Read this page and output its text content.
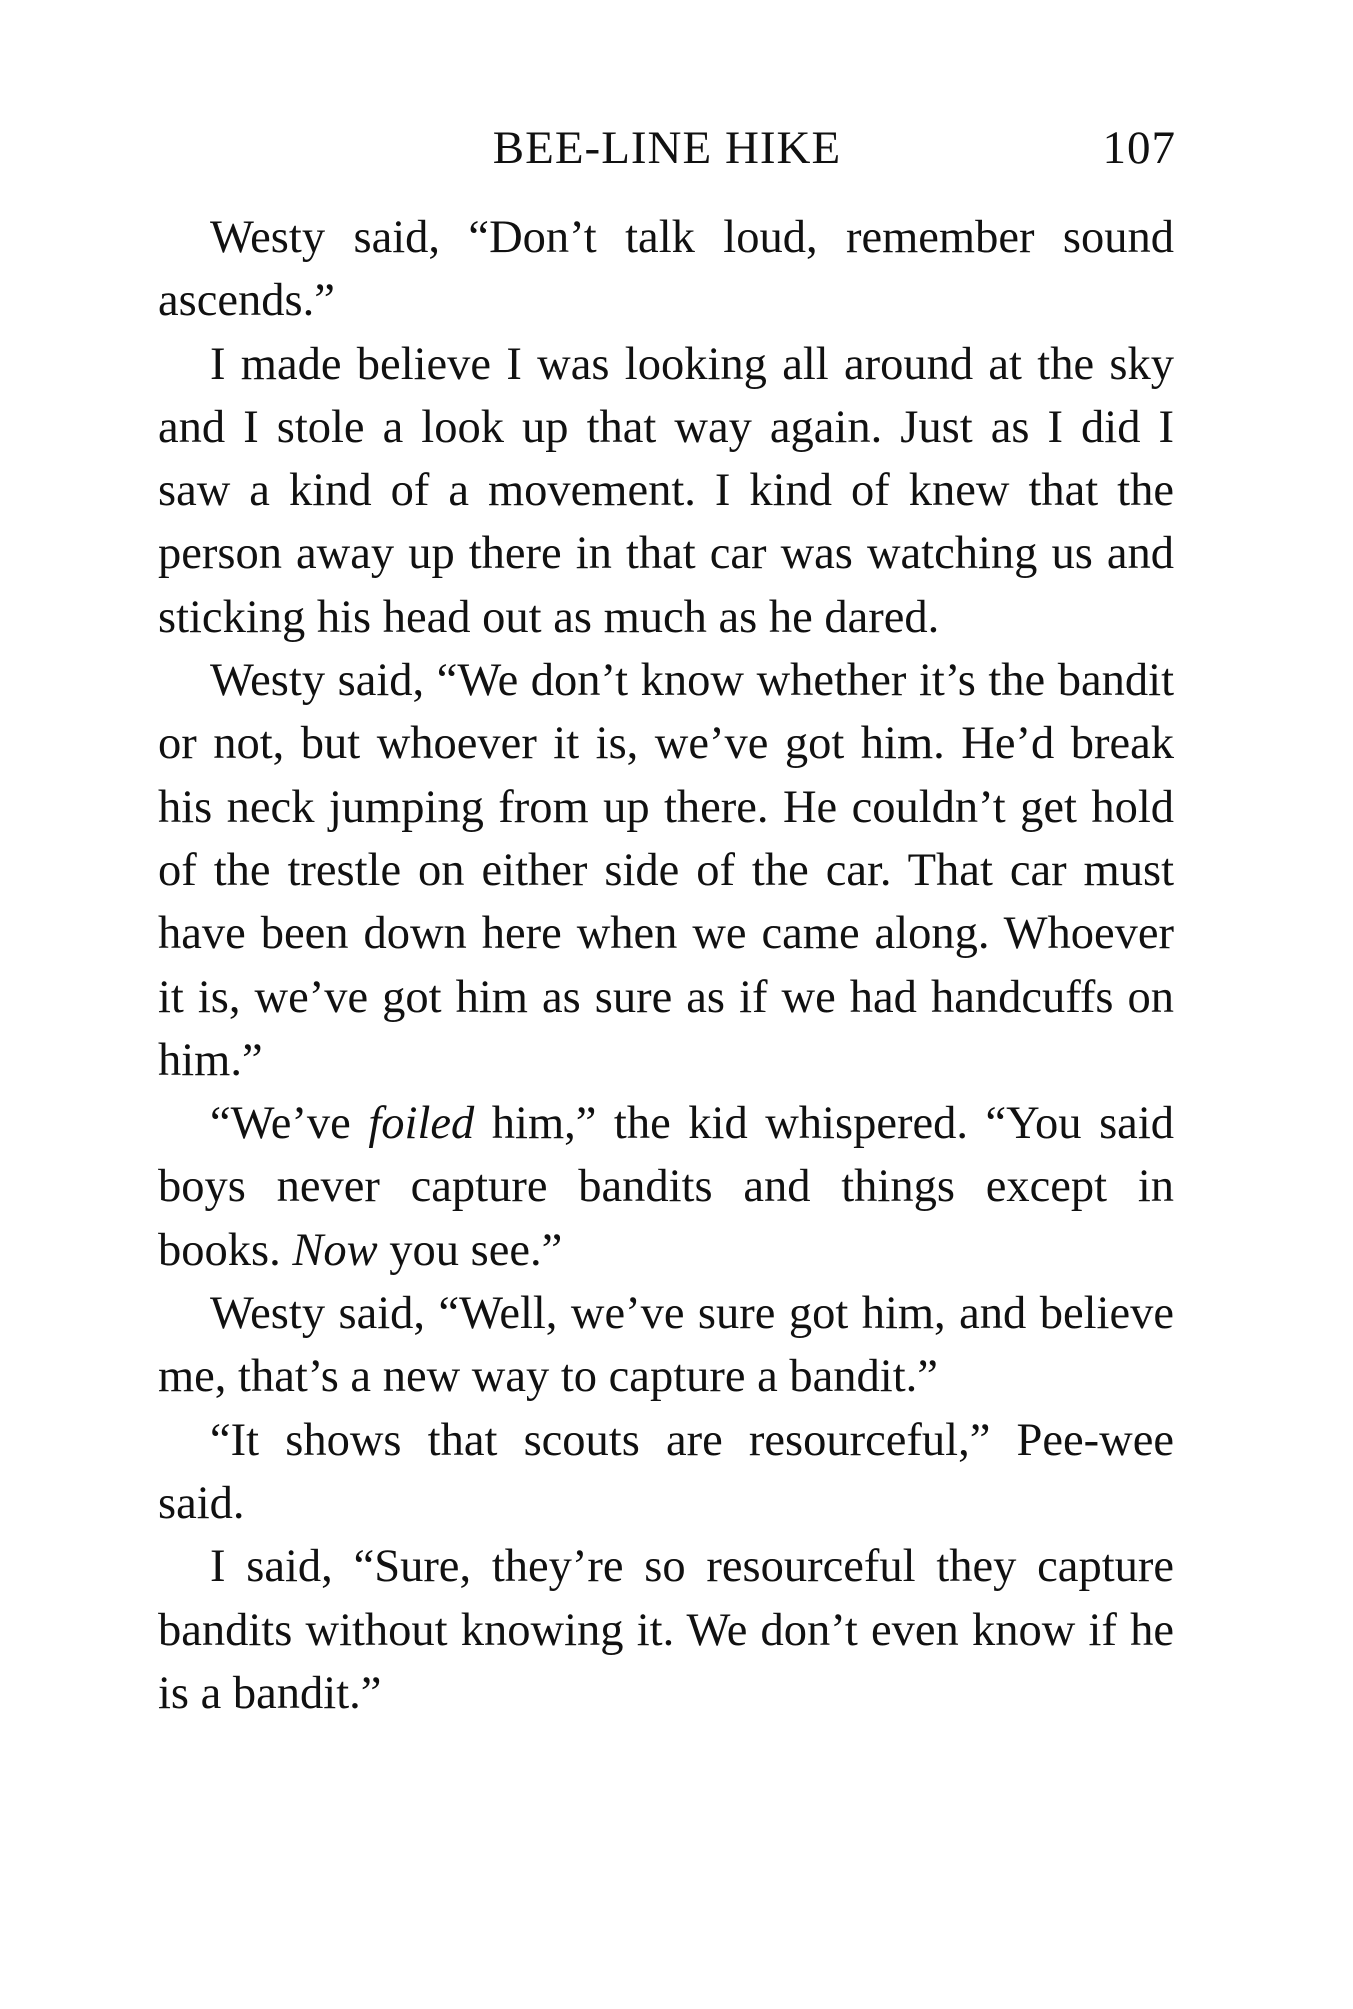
BEE-LINE HIKE	107

Westy said, “Don’t talk loud, remember sound ascends.”

I made believe I was looking all around at the sky and I stole a look up that way again. Just as I did I saw a kind of a movement. I kind of knew that the person away up there in that car was watching us and sticking his head out as much as he dared.

Westy said, “We don’t know whether it’s the bandit or not, but whoever it is, we’ve got him. He’d break his neck jumping from up there. He couldn’t get hold of the trestle on either side of the car. That car must have been down here when we came along. Whoever it is, we’ve got him as sure as if we had handcuffs on him.”

“We’ve foiled him,” the kid whispered. “You said boys never capture bandits and things except in books. Now you see.”

Westy said, “Well, we’ve sure got him, and believe me, that’s a new way to capture a bandit.”

“It shows that scouts are resourceful,” Pee-wee said.

I said, “Sure, they’re so resourceful they capture bandits without knowing it. We don’t even know if he is a bandit.”
